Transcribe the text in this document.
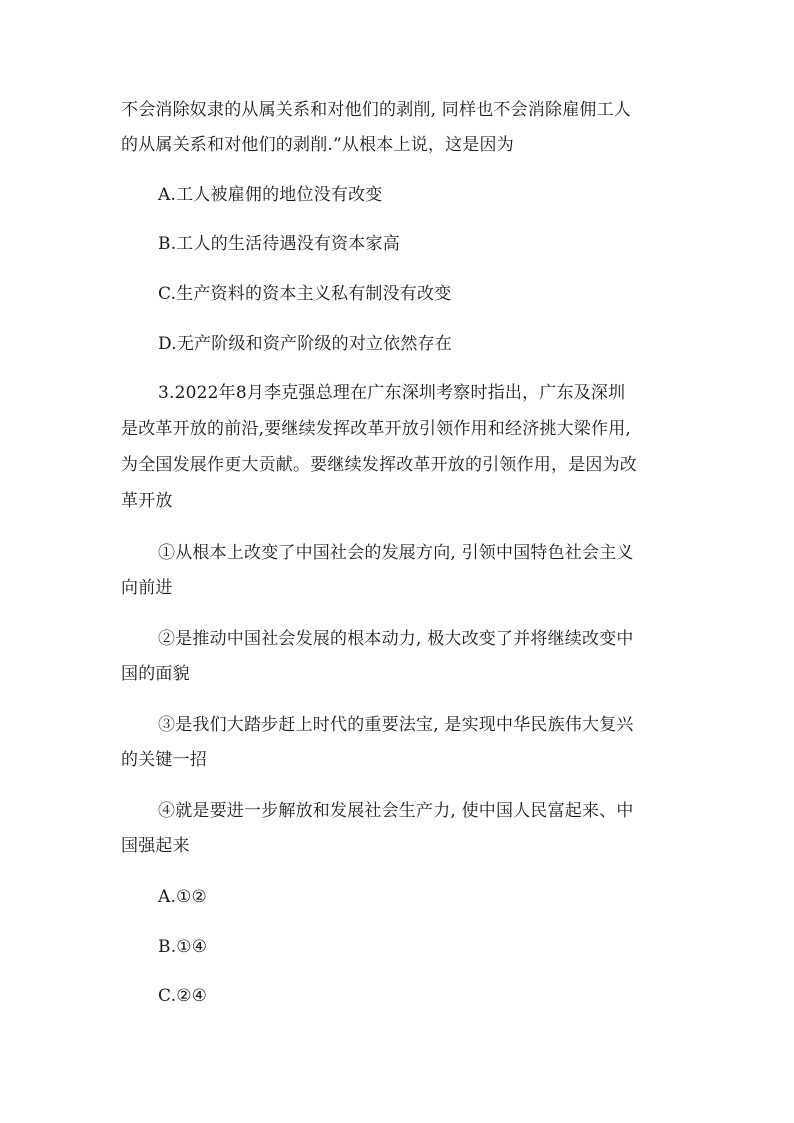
不会消除奴隶的从属关系和对他们的剥削, 同样也不会消除雇佣工人
的从属关系和对他们的剥削.”从根本上说，这是因为
A.工人被雇佣的地位没有改变
B.工人的生活待遇没有资本家高
C.生产资料的资本主义私有制没有改变
D.无产阶级和资产阶级的对立依然存在
3.2022年8月李克强总理在广东深圳考察时指出，广东及深圳
是改革开放的前沿,要继续发挥改革开放引领作用和经济挑大梁作用,
为全国发展作更大贡献。要继续发挥改革开放的引领作用，是因为改
革开放
①从根本上改变了中国社会的发展方向, 引领中国特色社会主义
向前进
②是推动中国社会发展的根本动力, 极大改变了并将继续改变中
国的面貌
③是我们大踏步赶上时代的重要法宝, 是实现中华民族伟大复兴
的关键一招
④就是要进一步解放和发展社会生产力, 使中国人民富起来、中
国强起来
A.①②
B.①④
C.②④
